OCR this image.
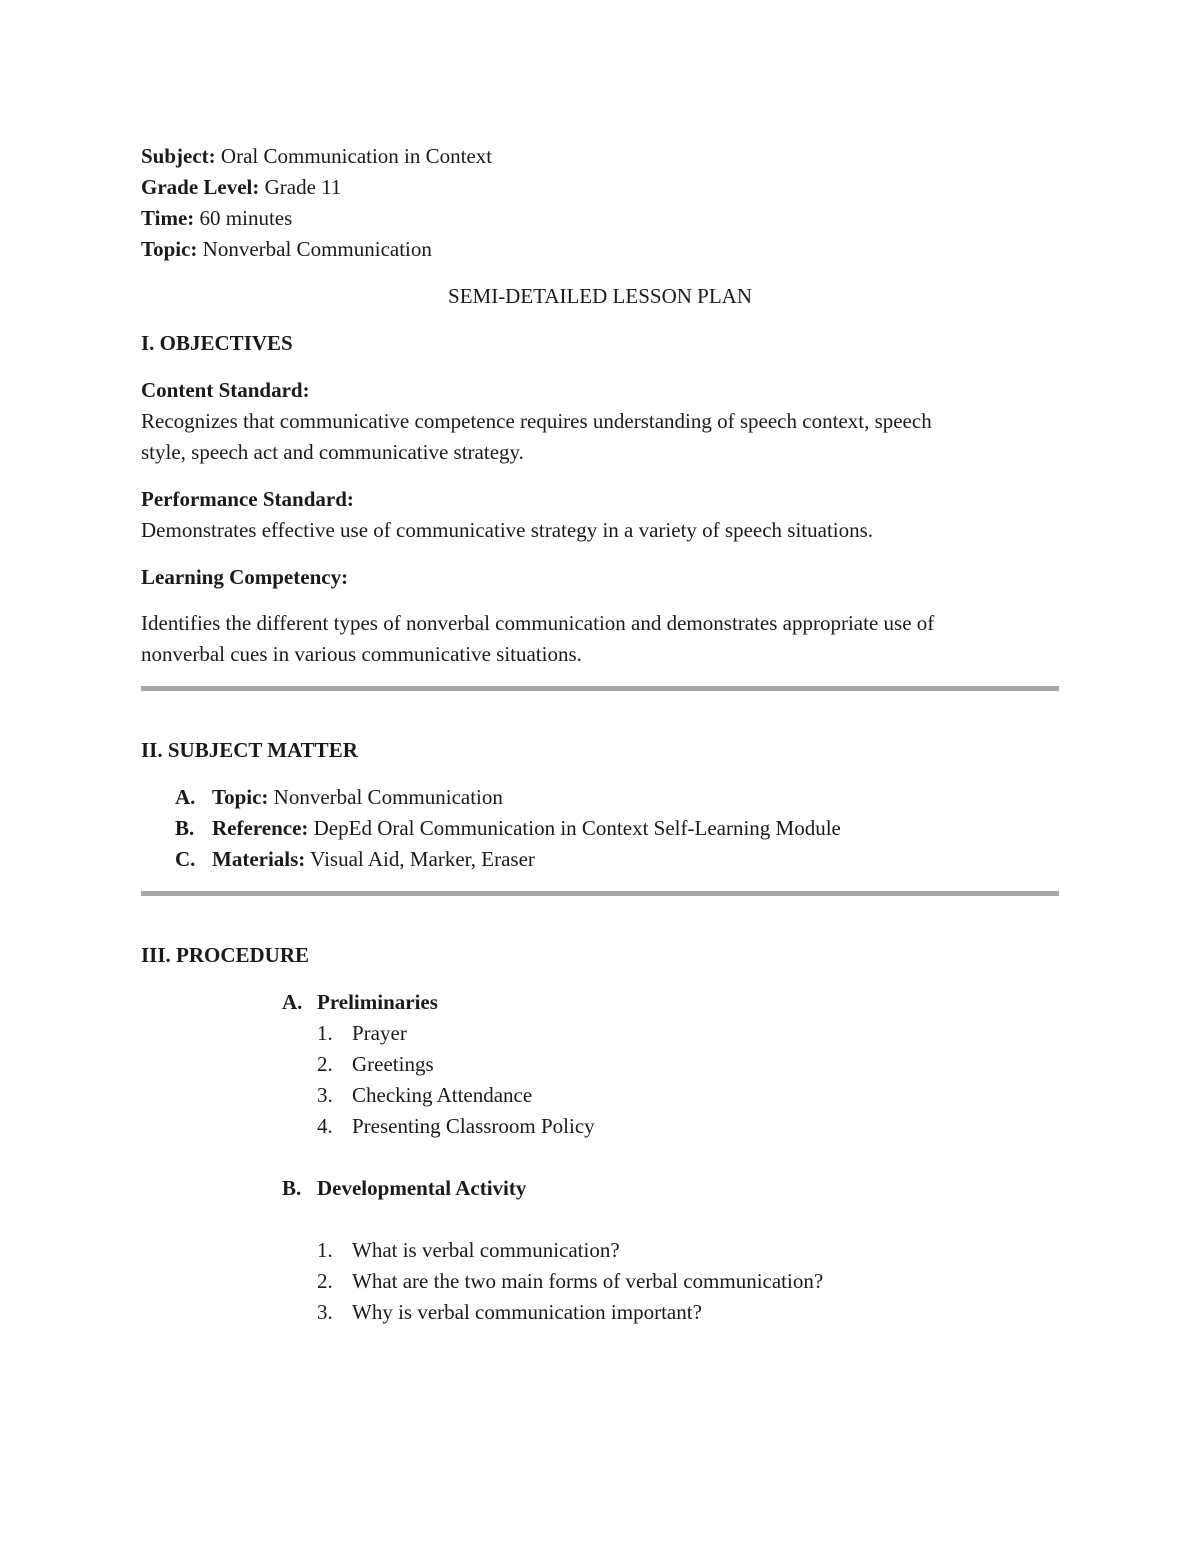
Subject: Oral Communication in Context
Grade Level: Grade 11
Time: 60 minutes
Topic: Nonverbal Communication
SEMI-DETAILED LESSON PLAN
I. OBJECTIVES
Content Standard:
Recognizes that communicative competence requires understanding of speech context, speech
style, speech act and communicative strategy.
Performance Standard:
Demonstrates effective use of communicative strategy in a variety of speech situations.
Learning Competency:
Identifies the different types of nonverbal communication and demonstrates appropriate use of
nonverbal cues in various communicative situations.
II. SUBJECT MATTER
A. Topic: Nonverbal Communication
B. Reference: DepEd Oral Communication in Context Self-Learning Module
C. Materials: Visual Aid, Marker, Eraser
III. PROCEDURE
A. Preliminaries
1. Prayer
2. Greetings
3. Checking Attendance
4. Presenting Classroom Policy
B. Developmental Activity
1. What is verbal communication?
2. What are the two main forms of verbal communication?
3. Why is verbal communication important?
